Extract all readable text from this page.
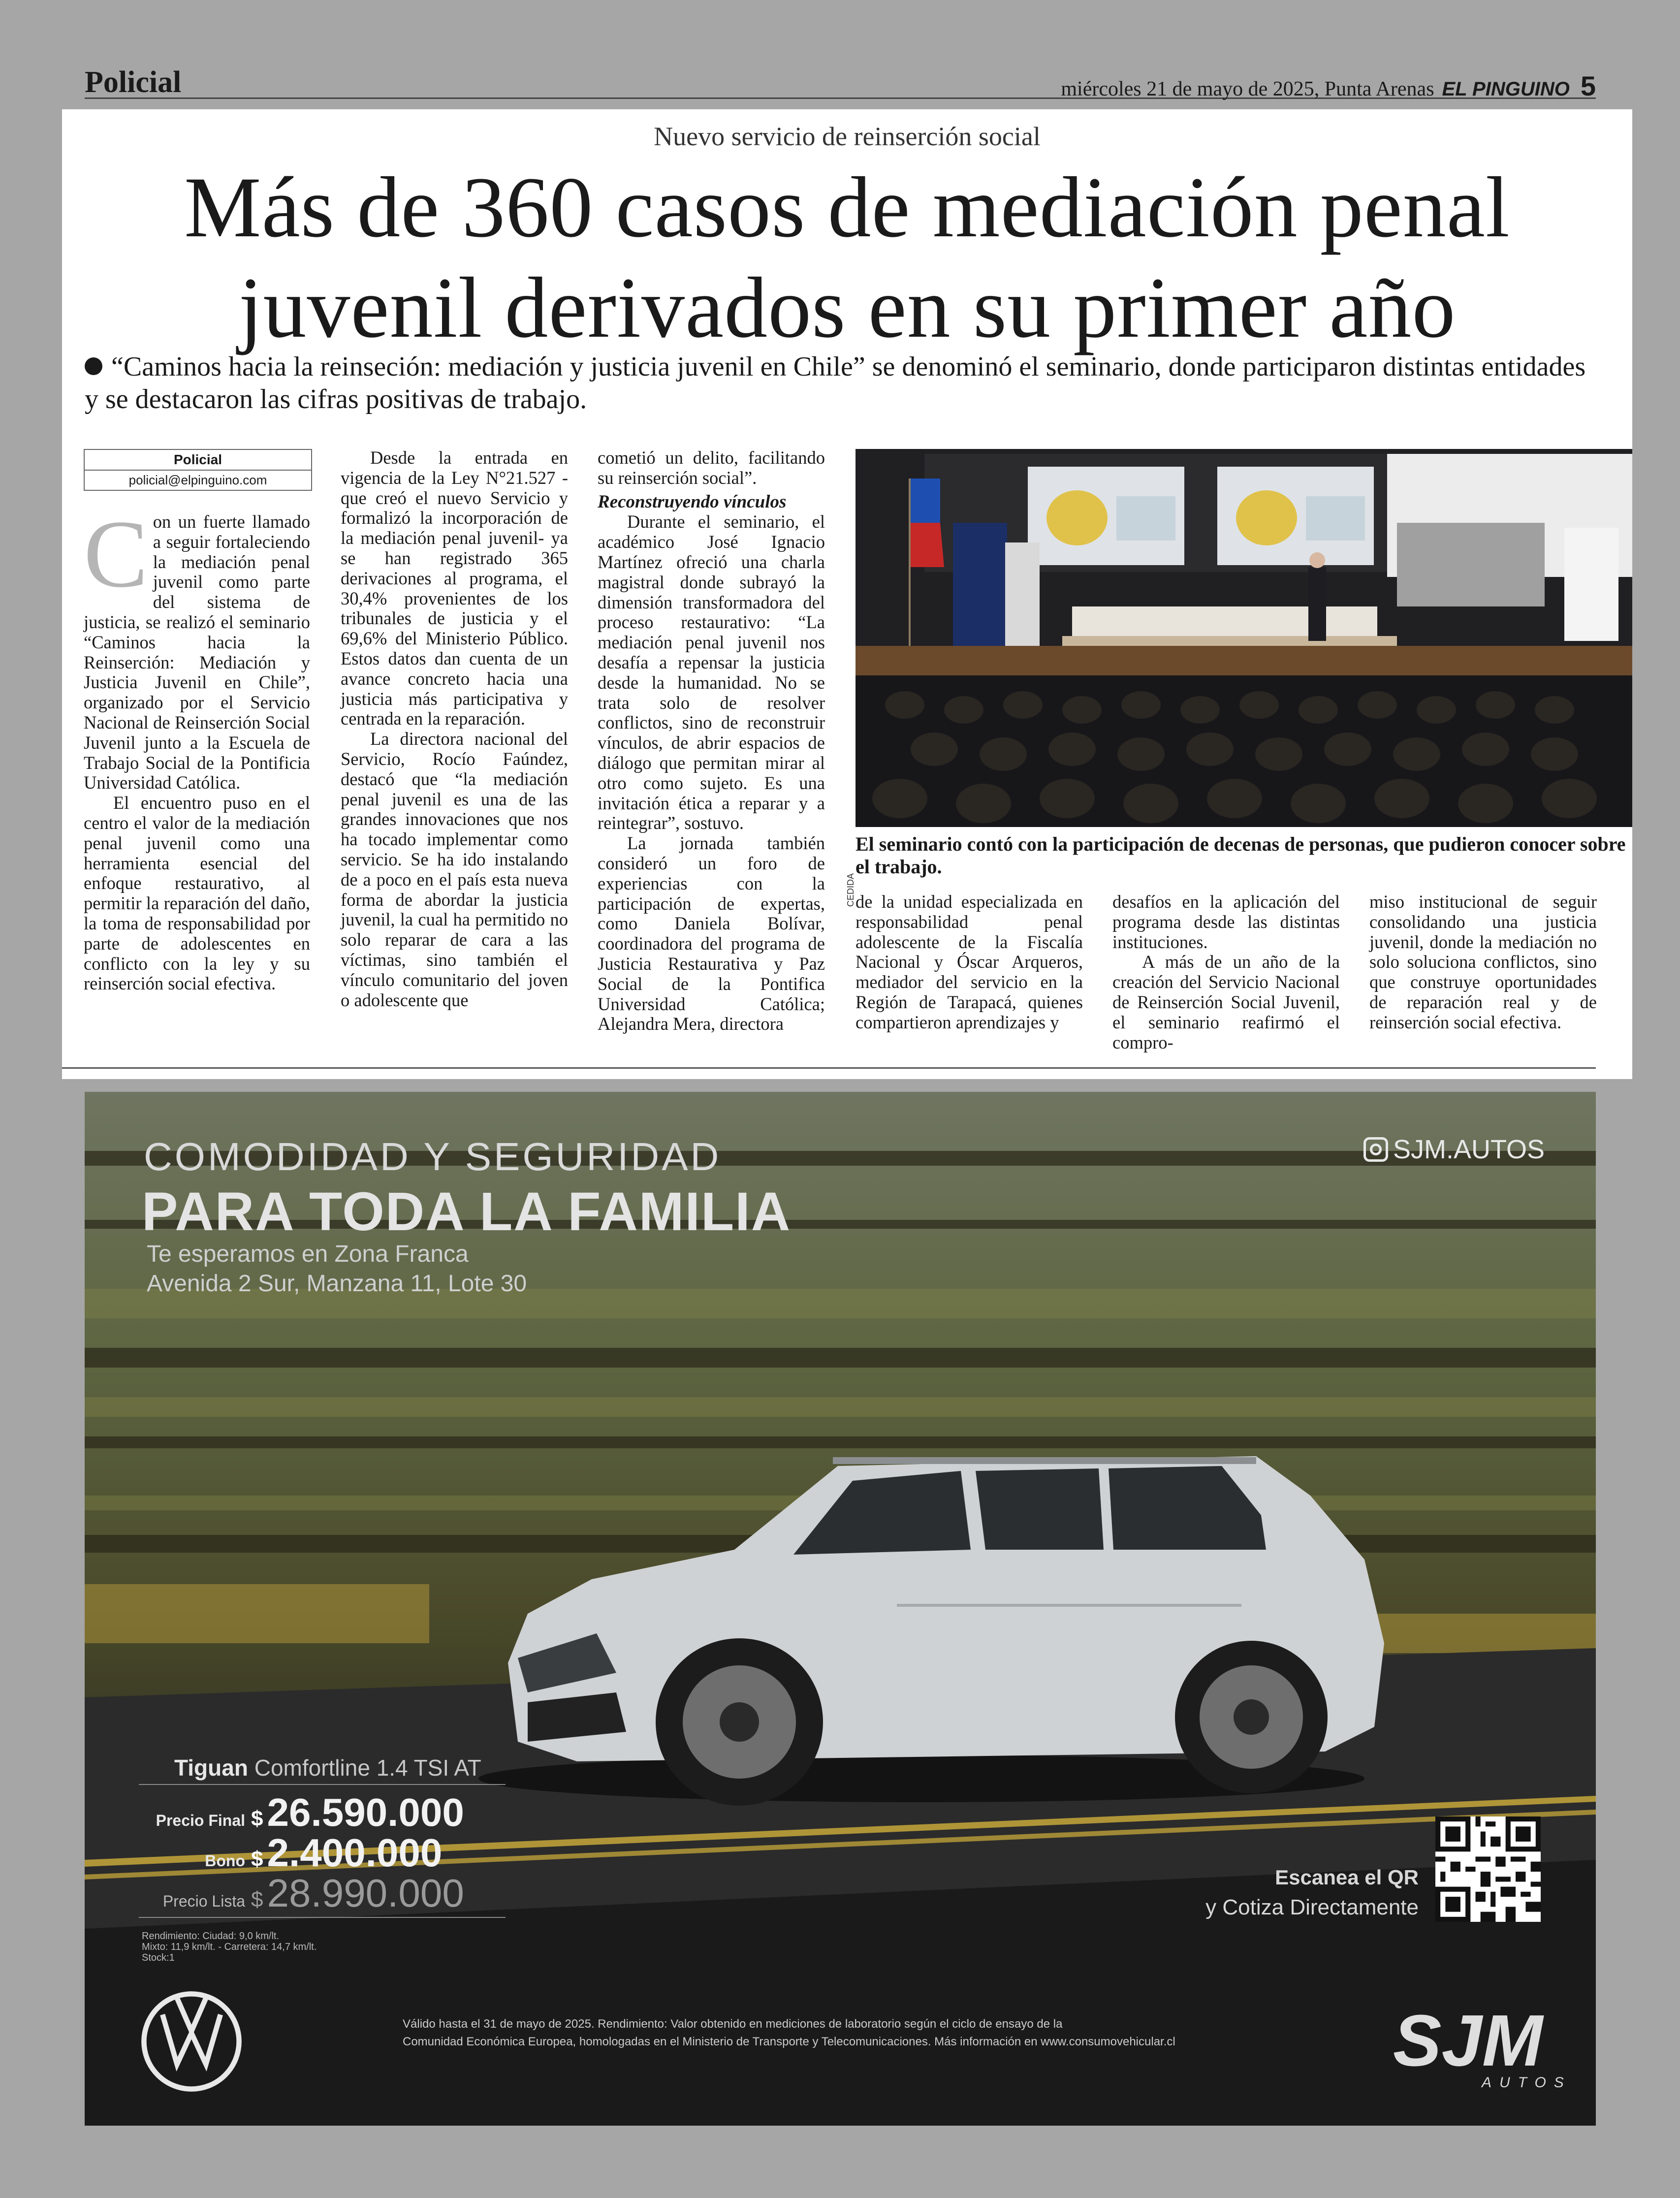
Policial	miércoles 21 de mayo de 2025, Punta Arenas EL PINGUINO 5
Nuevo servicio de reinserción social
Más de 360 casos de mediación penal
juvenil derivados en su primer año
“Caminos hacia la reinseción: mediación y justicia juvenil en Chile” se denominó el seminario, donde participaron distintas entidades y se destacaron las cifras positivas de trabajo.
Policial
policial@elpinguino.com
C on un fuerte llamado a seguir fortaleciendo la mediación penal juvenil como parte del sistema de justicia, se realizó el seminario “Caminos hacia la Reinserción: Mediación y Justicia Juvenil en Chile”, organizado por el Servicio Nacional de Reinserción Social Juvenil junto a la Escuela de Trabajo Social de la Pontificia Universidad Católica.

El encuentro puso en el centro el valor de la mediación penal juvenil como una herramienta esencial del enfoque restaurativo, al permitir la reparación del daño, la toma de responsabilidad por parte de adolescentes en conflicto con la ley y su reinserción social efectiva.

Desde la entrada en vigencia de la Ley N°21.527 -que creó el nuevo Servicio y formalizó la incorporación de la mediación penal juvenil- ya se han registrado 365 derivaciones al programa, el 30,4% provenientes de los tribunales de justicia y el 69,6% del Ministerio Público. Estos datos dan cuenta de un avance concreto hacia una justicia más participativa y centrada en la reparación.

La directora nacional del Servicio, Rocío Faúndez, destacó que “la mediación penal juvenil es una de las grandes innovaciones que nos ha tocado implementar como servicio. Se ha ido instalando de a poco en el país esta nueva forma de abordar la justicia juvenil, la cual ha permitido no solo reparar de cara a las víctimas, sino también el vínculo comunitario del joven o adolescente que

cometió un delito, facilitando su reinserción social”.

Reconstruyendo vínculos

Durante el seminario, el académico José Ignacio Martínez ofreció una charla magistral donde subrayó la dimensión transformadora del proceso restaurativo: “La mediación penal juvenil nos desafía a repensar la justicia desde la humanidad. No se trata solo de resolver conflictos, sino de reconstruir vínculos, de abrir espacios de diálogo que permitan mirar al otro como sujeto. Es una invitación ética a reparar y a reintegrar”, sostuvo.

La jornada también consideró un foro de experiencias con la participación de expertas, como Daniela Bolívar, coordinadora del programa de Justicia Restaurativa y Paz Social de la Pontifica Universidad Católica; Alejandra Mera, directora

CEDIDA
El seminario contó con la participación de decenas de personas, que pudieron conocer sobre el trabajo.

de la unidad especializada en responsabilidad penal adolescente de la Fiscalía Nacional y Óscar Arqueros, mediador del servicio en la Región de Tarapacá, quienes compartieron aprendizajes y

desafíos en la aplicación del programa desde las distintas instituciones.

A más de un año de la creación del Servicio Nacional de Reinserción Social Juvenil, el seminario reafirmó el compro-

miso institucional de seguir consolidando una justicia juvenil, donde la mediación no solo soluciona conflictos, sino que construye oportunidades de reparación real y de reinserción social efectiva.

COMODIDAD Y SEGURIDAD
PARA TODA LA FAMILIA
Te esperamos en Zona Franca
Avenida 2 Sur, Manzana 11, Lote 30
SJM.AUTOS
Tiguan Comfortline 1.4 TSI AT
Precio Final $ 26.590.000
Bono $ 2.400.000
Precio Lista $ 28.990.000
Rendimiento: Ciudad: 9,0 km/lt.
Mixto: 11,9 km/lt. - Carretera: 14,7 km/lt.
Stock:1
Escanea el QR
y Cotiza Directamente
Válido hasta el 31 de mayo de 2025. Rendimiento: Valor obtenido en mediciones de laboratorio según el ciclo de ensayo de la
Comunidad Económica Europea, homologadas en el Ministerio de Transporte y Telecomunicaciones. Más información en www.consumovehicular.cl	SJM
AUTOS
